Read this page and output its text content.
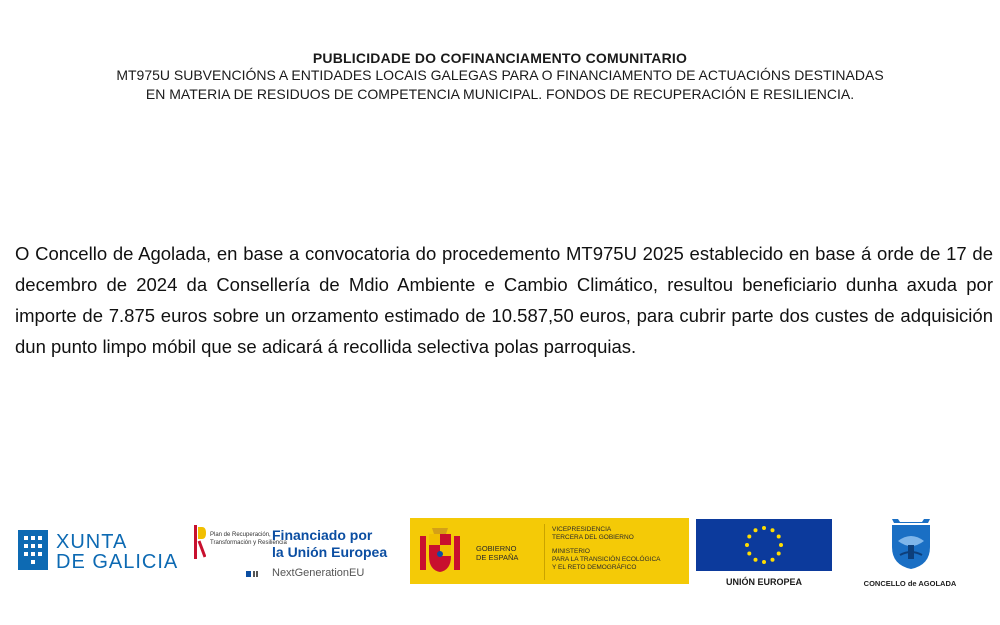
PUBLICIDADE DO COFINANCIAMENTO COMUNITARIO
MT975U SUBVENCIÓNS A ENTIDADES LOCAIS GALEGAS PARA O FINANCIAMENTO DE ACTUACIÓNS DESTINADAS
EN MATERIA DE RESIDUOS DE COMPETENCIA MUNICIPAL. FONDOS DE RECUPERACIÓN E RESILIENCIA.
O Concello de Agolada, en base a convocatoria do procedemento MT975U 2025 establecido en base á orde de 17 de decembro de 2024 da Consellería de Mdio Ambiente e Cambio Climático, resultou beneficiario dunha axuda por importe de 7.875 euros sobre un orzamento estimado de 10.587,50 euros, para cubrir parte dos custes de adquisición dun punto limpo móbil que se adicará á recollida selectiva polas parroquias.
XUNTA
DE GALICIA
Plan de Recuperación,
Transformación y Resiliencia
Financiado por
la Unión Europea
NextGenerationEU
GOBIERNO
DE ESPAÑA
VICEPRESIDENCIA
TERCERA DEL GOBIERNO
MINISTERIO
PARA LA TRANSICIÓN ECOLÓGICA
Y EL RETO DEMOGRÁFICO
UNIÓN EUROPEA	CONCELLO de AGOLADA
